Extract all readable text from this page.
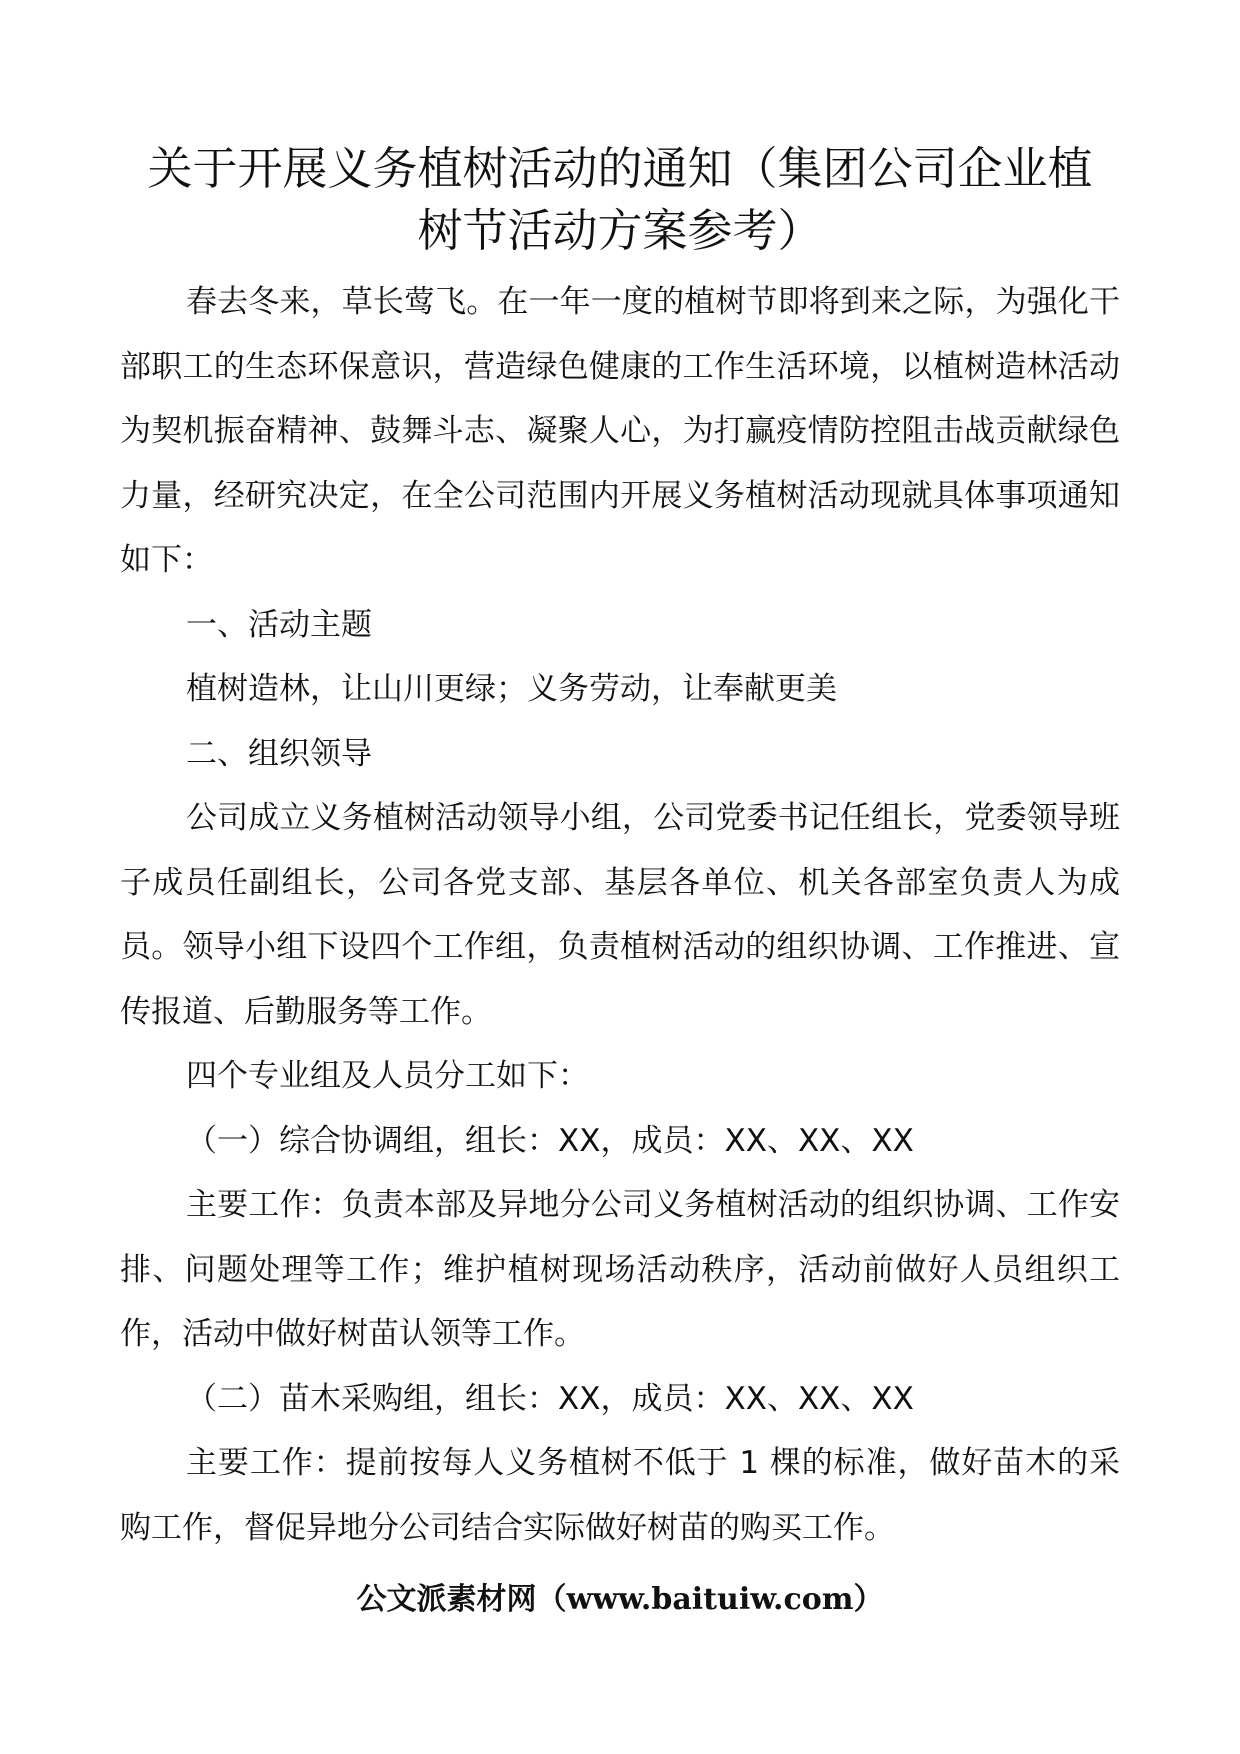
关于开展义务植树活动的通知（集团公司企业植
树节活动方案参考）

春去冬来，草长莺飞。在一年一度的植树节即将到来之际，为强化干部职工的生态环保意识，营造绿色健康的工作生活环境，以植树造林活动为契机振奋精神、鼓舞斗志、凝聚人心，为打赢疫情防控阻击战贡献绿色力量，经研究决定，在全公司范围内开展义务植树活动现就具体事项通知如下：

一、活动主题

植树造林，让山川更绿；义务劳动，让奉献更美

二、组织领导

公司成立义务植树活动领导小组，公司党委书记任组长，党委领导班子成员任副组长，公司各党支部、基层各单位、机关各部室负责人为成员。领导小组下设四个工作组，负责植树活动的组织协调、工作推进、宣传报道、后勤服务等工作。

四个专业组及人员分工如下：

（一）综合协调组，组长：XX，成员：XX、XX、XX

主要工作：负责本部及异地分公司义务植树活动的组织协调、工作安排、问题处理等工作；维护植树现场活动秩序，活动前做好人员组织工作，活动中做好树苗认领等工作。

（二）苗木采购组，组长：XX，成员：XX、XX、XX

主要工作：提前按每人义务植树不低于 1 棵的标准，做好苗木的采购工作，督促异地分公司结合实际做好树苗的购买工作。

公文派素材网（www.baituiw.com）
